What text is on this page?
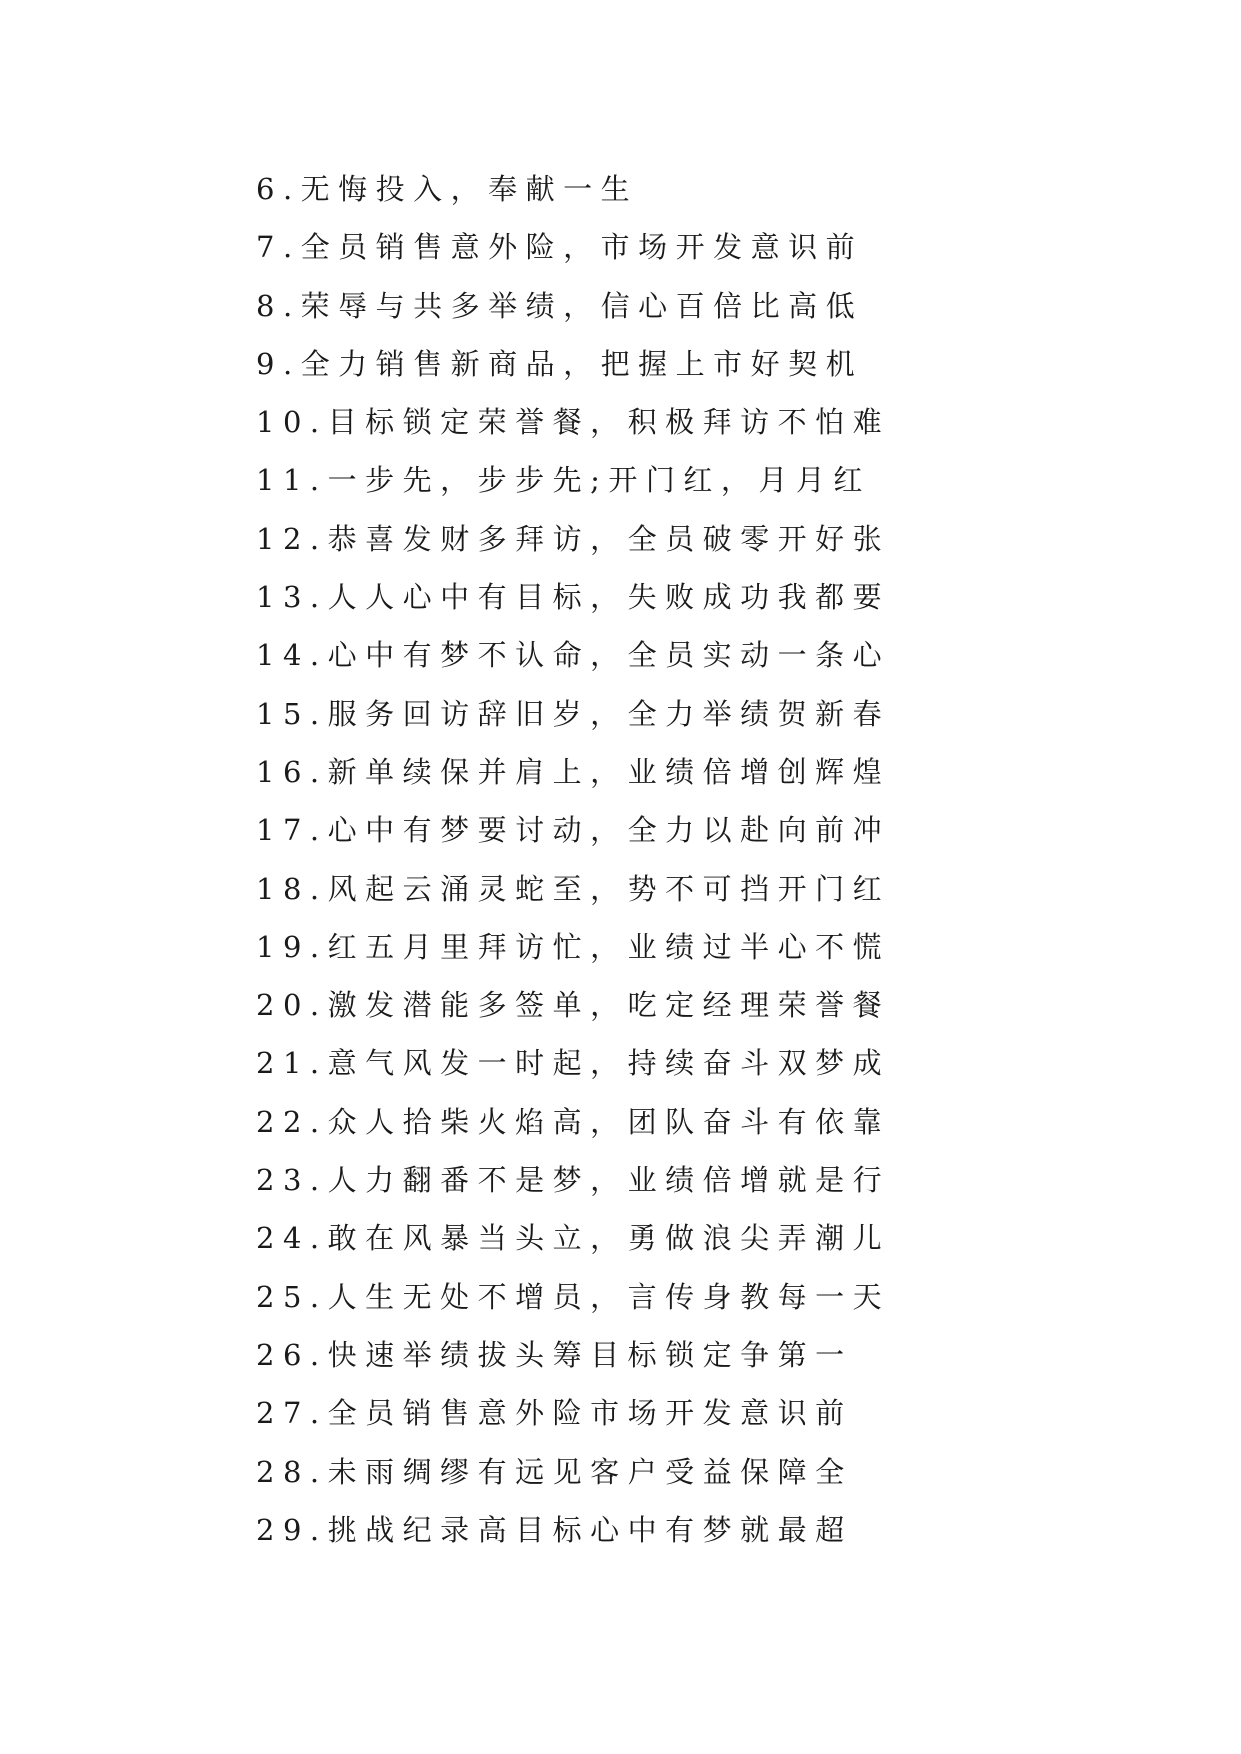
6.无悔投入，奉献一生
7.全员销售意外险，市场开发意识前
8.荣辱与共多举绩，信心百倍比高低
9.全力销售新商品，把握上市好契机
10.目标锁定荣誉餐，积极拜访不怕难
11.一步先，步步先;开门红，月月红
12.恭喜发财多拜访，全员破零开好张
13.人人心中有目标，失败成功我都要
14.心中有梦不认命，全员实动一条心
15.服务回访辞旧岁，全力举绩贺新春
16.新单续保并肩上，业绩倍增创辉煌
17.心中有梦要讨动，全力以赴向前冲
18.风起云涌灵蛇至，势不可挡开门红
19.红五月里拜访忙，业绩过半心不慌
20.激发潜能多签单，吃定经理荣誉餐
21.意气风发一时起，持续奋斗双梦成
22.众人拾柴火焰高，团队奋斗有依靠
23.人力翻番不是梦，业绩倍增就是行
24.敢在风暴当头立，勇做浪尖弄潮儿
25.人生无处不增员，言传身教每一天
26.快速举绩拔头筹目标锁定争第一
27.全员销售意外险市场开发意识前
28.未雨绸缪有远见客户受益保障全
29.挑战纪录高目标心中有梦就最超
